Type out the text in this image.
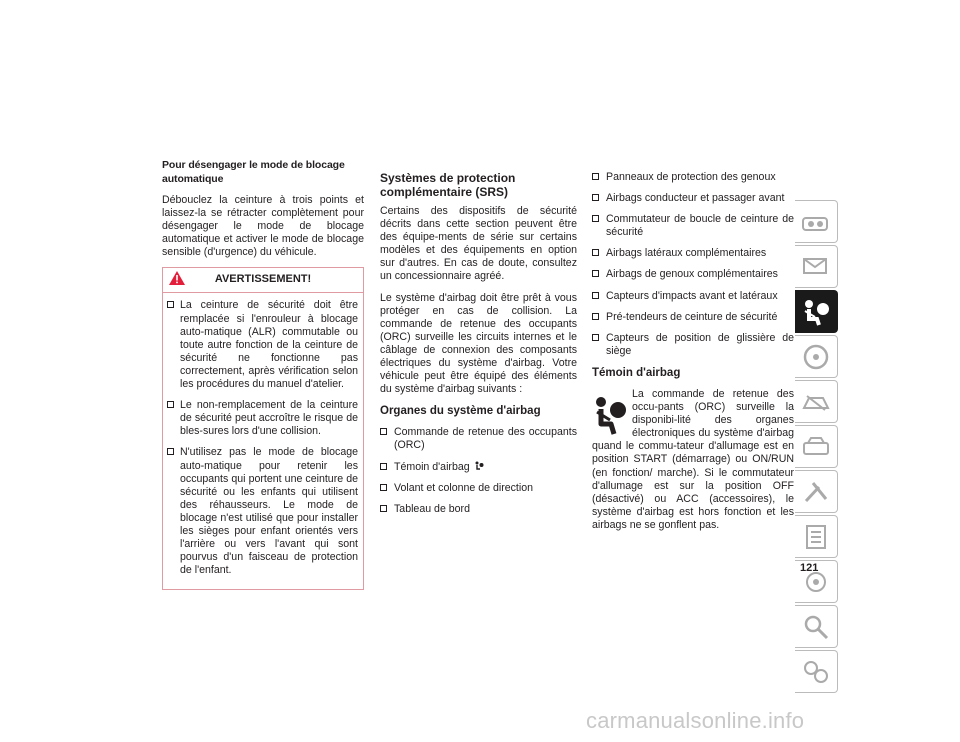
Pour désengager le mode de blocage automatique

Débouclez la ceinture à trois points et laissez-la se rétracter complètement pour désengager le mode de blocage automatique et activer le mode de blocage sensible (d'urgence) du véhicule.

AVERTISSEMENT!
La ceinture de sécurité doit être remplacée si l'enrouleur à blocage auto-matique (ALR) commutable ou toute autre fonction de la ceinture de sécurité ne fonctionne pas correctement, après vérification selon les procédures du manuel d'atelier.
Le non-remplacement de la ceinture de sécurité peut accroître le risque de bles-sures lors d'une collision.
N'utilisez pas le mode de blocage auto-matique pour retenir les occupants qui portent une ceinture de sécurité ou les enfants qui utilisent des réhausseurs. Le mode de blocage n'est utilisé que pour installer les sièges pour enfant orientés vers l'arrière ou vers l'avant qui sont pourvus d'un faisceau de protection de l'enfant.
Systèmes de protection complémentaire (SRS)

Certains des dispositifs de sécurité décrits dans cette section peuvent être des équipe-ments de série sur certains modèles et des équipements en option sur d'autres. En cas de doute, consultez un concessionnaire agréé.

Le système d'airbag doit être prêt à vous protéger en cas de collision. La commande de retenue des occupants (ORC) surveille les circuits internes et le câblage de connexion des composants électriques du système d'airbag. Votre véhicule peut être équipé des éléments du système d'airbag suivants :

Organes du système d'airbag
Commande de retenue des occupants (ORC)
Témoin d'airbag
Volant et colonne de direction
Tableau de bord
Panneaux de protection des genoux
Airbags conducteur et passager avant
Commutateur de boucle de ceinture de sécurité
Airbags latéraux complémentaires
Airbags de genoux complémentaires
Capteurs d'impacts avant et latéraux
Pré-tendeurs de ceinture de sécurité
Capteurs de position de glissière de siège
Témoin d'airbag
La commande de retenue des occu-pants (ORC) surveille la disponibi-lité des organes électroniques du système d'airbag quand le commu-tateur d'allumage est en position START (démarrage) ou ON/RUN (en fonction/ marche). Si le commutateur d'allumage est sur la position OFF (désactivé) ou ACC (accessoires), le système d'airbag est hors fonction et les airbags ne se gonflent pas.
121
carmanualsonline.info
